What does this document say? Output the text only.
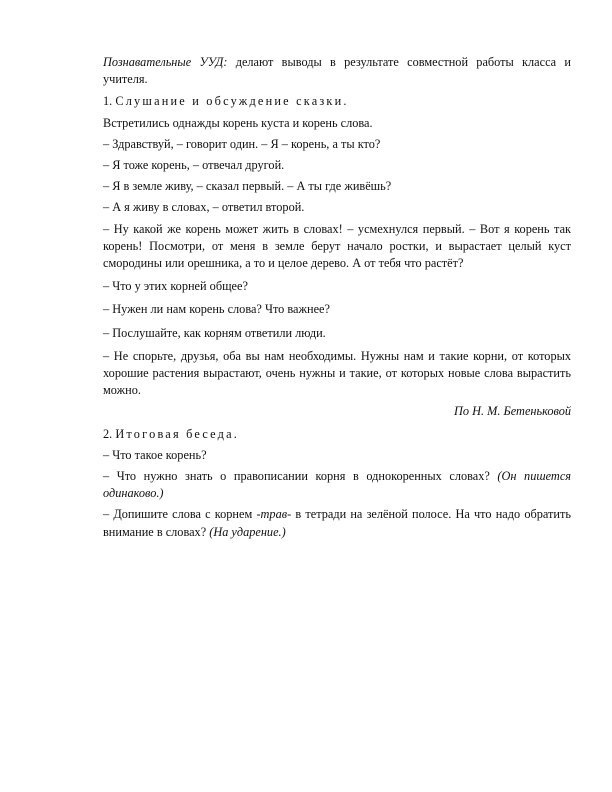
Познавательные УУД: делают выводы в результате совместной работы класса и учителя.

1. Слушание и обсуждение сказки.

Встретились однажды корень куста и корень слова.

– Здравствуй, – говорит один. – Я – корень, а ты кто?

– Я тоже корень, – отвечал другой.

– Я в земле живу, – сказал первый. – А ты где живёшь?

– А я живу в словах, – ответил второй.

– Ну какой же корень может жить в словах! – усмехнулся первый. – Вот я корень так корень! Посмотри, от меня в земле берут начало ростки, и вырастает целый куст смородины или орешника, а то и целое дерево. А от тебя что растёт?

– Что у этих корней общее?

– Нужен ли нам корень слова? Что важнее?

– Послушайте, как корням ответили люди.

– Не спорьте, друзья, оба вы нам необходимы. Нужны нам и такие корни, от которых хорошие растения вырастают, очень нужны и такие, от которых новые слова вырастить можно.

По Н. М. Бетеньковой

2. Итоговая беседа.

– Что такое корень?

– Что нужно знать о правописании корня в однокоренных словах? (Он пишется одинаково.)

– Допишите слова с корнем -трав- в тетради на зелёной полосе. На что надо обратить внимание в словах? (На ударение.)
